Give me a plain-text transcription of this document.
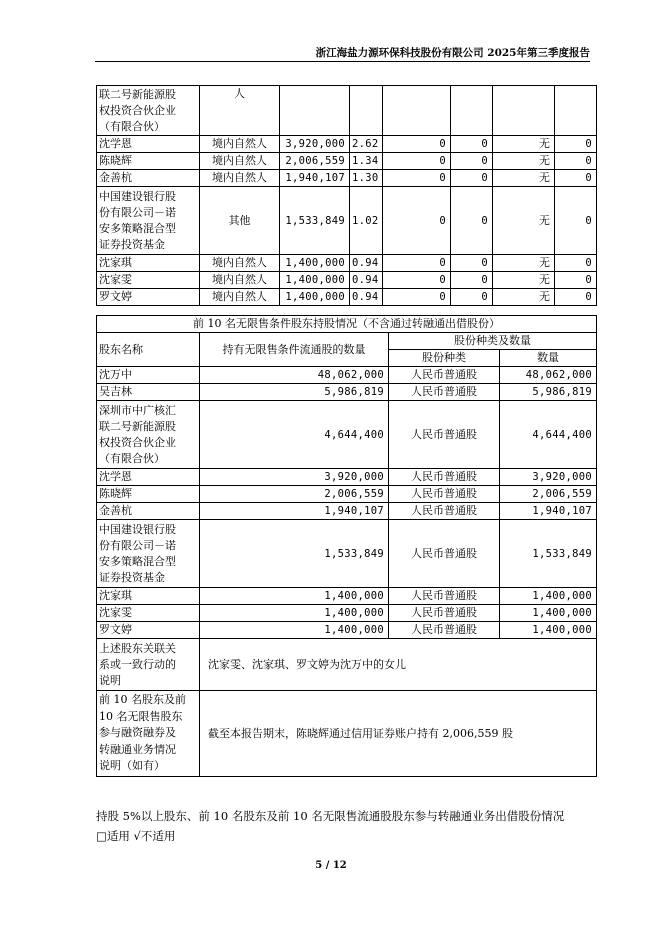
浙江海盐力源环保科技股份有限公司 2025年第三季度报告
联二号新能源股
权投资合伙企业
（有限合伙）	人						
沈学恩	境内自然人	3,920,000	2.62	0	0	无	0
陈晓辉	境内自然人	2,006,559	1.34	0	0	无	0
金善杭	境内自然人	1,940,107	1.30	0	0	无	0
中国建设银行股
份有限公司－诺
安多策略混合型
证券投资基金	其他	1,533,849	1.02	0	0	无	0
沈家琪	境内自然人	1,400,000	0.94	0	0	无	0
沈家雯	境内自然人	1,400,000	0.94	0	0	无	0
罗文婷	境内自然人	1,400,000	0.94	0	0	无	0
前 10 名无限售条件股东持股情况（不含通过转融通出借股份）			
股东名称	持有无限售条件流通股的数量	股份种类及数量	
		股份种类	数量
沈万中	48,062,000	人民币普通股	48,062,000
吴吉林	5,986,819	人民币普通股	5,986,819
深圳市中广核汇
联二号新能源股
权投资合伙企业
（有限合伙）	4,644,400	人民币普通股	4,644,400
沈学恩	3,920,000	人民币普通股	3,920,000
陈晓辉	2,006,559	人民币普通股	2,006,559
金善杭	1,940,107	人民币普通股	1,940,107
中国建设银行股
份有限公司－诺
安多策略混合型
证券投资基金	1,533,849	人民币普通股	1,533,849
沈家琪	1,400,000	人民币普通股	1,400,000
沈家雯	1,400,000	人民币普通股	1,400,000
罗文婷	1,400,000	人民币普通股	1,400,000
上述股东关联关
系或一致行动的
说明	沈家雯、沈家琪、罗文婷为沈万中的女儿		
前 10 名股东及前
10 名无限售股东
参与融资融券及
转融通业务情况
说明（如有）	截至本报告期末，陈晓辉通过信用证券账户持有 2,006,559 股		
持股 5%以上股东、前 10 名股东及前 10 名无限售流通股股东参与转融通业务出借股份情况
□适用 √不适用
5 / 12
